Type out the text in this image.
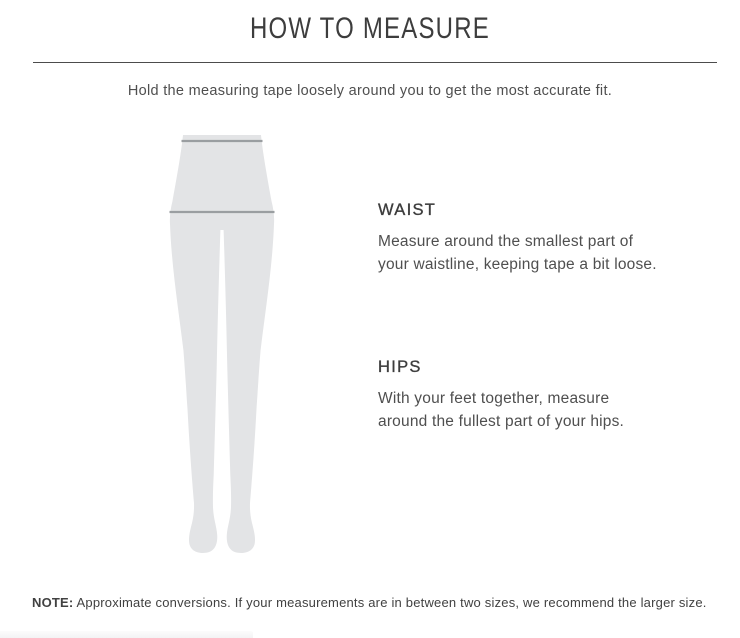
HOW TO MEASURE
Hold the measuring tape loosely around you to get the most accurate fit.
WAIST
Measure around the smallest part of
your waistline, keeping tape a bit loose.
HIPS
With your feet together, measure
around the fullest part of your hips.
NOTE: Approximate conversions. If your measurements are in between two sizes, we recommend the larger size.
